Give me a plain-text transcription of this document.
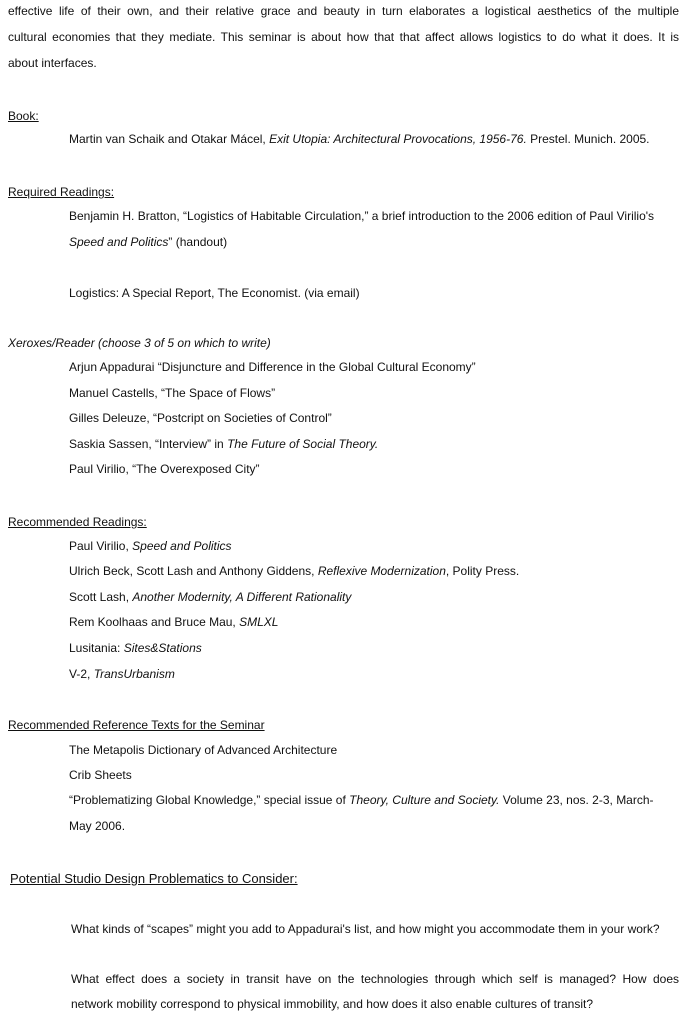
effective life of their own, and their relative grace and beauty in turn elaborates a logistical aesthetics of the multiple
cultural economies that they mediate. This seminar is about how that that affect allows logistics to do what it does. It is
about interfaces.
Book:
Martin van Schaik and Otakar Mácel, Exit Utopia: Architectural Provocations, 1956-76. Prestel. Munich. 2005.
Required Readings:
Benjamin H. Bratton, “Logistics of Habitable Circulation,” a brief introduction to the 2006 edition of Paul Virilio's
Speed and Politics” (handout)
Logistics: A Special Report, The Economist. (via email)
Xeroxes/Reader (choose 3 of 5 on which to write)
Arjun Appadurai “Disjuncture and Difference in the Global Cultural Economy”
Manuel Castells, “The Space of Flows”
Gilles Deleuze, “Postcript on Societies of Control”
Saskia Sassen, “Interview” in The Future of Social Theory.
Paul Virilio, “The Overexposed City”
Recommended Readings:
Paul Virilio, Speed and Politics
Ulrich Beck, Scott Lash and Anthony Giddens, Reflexive Modernization, Polity Press.
Scott Lash, Another Modernity, A Different Rationality
Rem Koolhaas and Bruce Mau, SMLXL
Lusitania: Sites&Stations
V-2, TransUrbanism
Recommended Reference Texts for the Seminar
The Metapolis Dictionary of Advanced Architecture
Crib Sheets
“Problematizing Global Knowledge,” special issue of Theory, Culture and Society. Volume 23, nos. 2-3, March-
May 2006.
Potential Studio Design Problematics to Consider:
What kinds of “scapes” might you add to Appadurai's list, and how might you accommodate them in your work?
What effect does a society in transit have on the technologies through which self is managed? How does
network mobility correspond to physical immobility, and how does it also enable cultures of transit?
